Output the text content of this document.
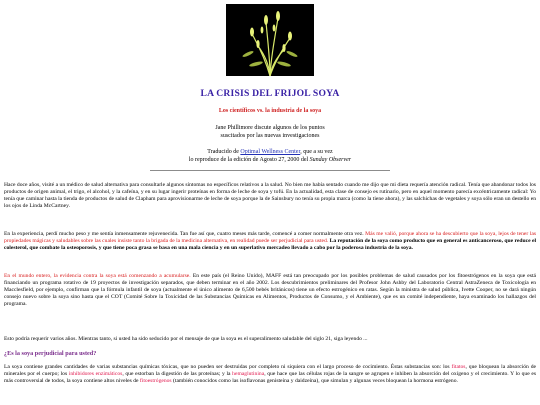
LA CRISIS DEL FRIJOL SOYA
Los científicos vs. la industria de la soya
Jane Phillimore discute algunos de los puntos
suscitados por las nuevas investigaciones
Traducido de Optimal Wellness Center, que a su vez
lo reproduce de la edición de Agosto 27, 2000 del Sunday Observer
Hace doce años, visité a un médico de salud alternativa para consultarle algunos síntomas no específicos relativos a la salud. No bien me había sentado cuando me dijo que mi dieta requería atención radical. Tenía que abandonar todos los productos de origen animal, el trigo, el alcohol, y la cafeína, y en su lugar ingerir proteínas en forma de leche de soya y tofú. En la actualidad, esta clase de consejo es rutinario, pero en aquel momento parecía excéntricamente radical: Yo tenía que caminar hasta la tienda de productos de salud de Clapham para aprovisionarme de leche de soya porque la de Sainsbury no tenía su propia marca (como la tiene ahora), y las salchichas de vegetales y soya sólo eran un destello en los ojos de Linda McCartney.
En la experiencia, perdí mucho peso y me sentía inmensamente rejuvenecida. Tan fue así que, cuatro meses más tarde, comencé a comer normalmente otra vez. Más me valió, porque ahora se ha descubierto que la soya, lejos de tener las propiedades mágicas y saludables sobre las cuales insiste tanto la brigada de la medicina alternativa, en realidad puede ser perjudicial para usted. La reputación de la soya como producto que en general es anticanceroso, que reduce el colesterol, que combate la osteoporosis, y que tiene poca grasa se basa en una mala ciencia y en un superlativo mercadeo llevado a cabo por la poderosa industria de la soya.
En el mundo entero, la evidencia contra la soya está comenzando a acumularse. En este país (el Reino Unido), MAFF está tan preocupado por los posibles problemas de salud causados por los fitoestrógenos en la soya que está financiando un programa rotativo de 19 proyectos de investigación separados, que deben terminar en el año 2002. Los descubrimientos preliminares del Profesor John Ashby del Laboratorio Central AstraZeneca de Toxicología en Macclesfield, por ejemplo, confirman que la fórmula infantil de soya (actualmente el único alimento de 6,500 bebés británicos) tiene un efecto estrogénico en ratas. Según la ministra de salud pública, Ivette Cooper, no se dará ningún consejo nuevo sobre la soya sino hasta que el COT (Comité Sobre la Toxicidad de las Substancias Químicas en Alimentos, Productos de Consumo, y el Ambiente), que es un comité independiente, haya examinado los hallazgos del programa.
Esto podría requerir varios años. Mientras tanto, si usted ha sido seducido por el mensaje de que la soya es el superalimento saludable del siglo 21, siga leyendo ...
¿Es la soya perjudicial para usted?
La soya contiene grandes cantidades de varias substancias químicas tóxicas, que no pueden ser destruidas por completo ni siquiera con el largo proceso de cocimiento. Éstas substancias son: los fitatos, que bloquean la absorción de minerales por el cuerpo; los inhibidores enzimáticos, que estorban la digestión de las proteínas; y la hemaglutinina, que hace que las células rojas de la sangre se agrupen e inhiben la absorción del oxígeno y el crecimiento. Y lo que es más controversial de todos, la soya contiene altos niveles de fitoestrógenos (también conocidos como las isoflavonas genisteína y daidzeína), que simulan y algunas veces bloquean la hormona estrógeno.
